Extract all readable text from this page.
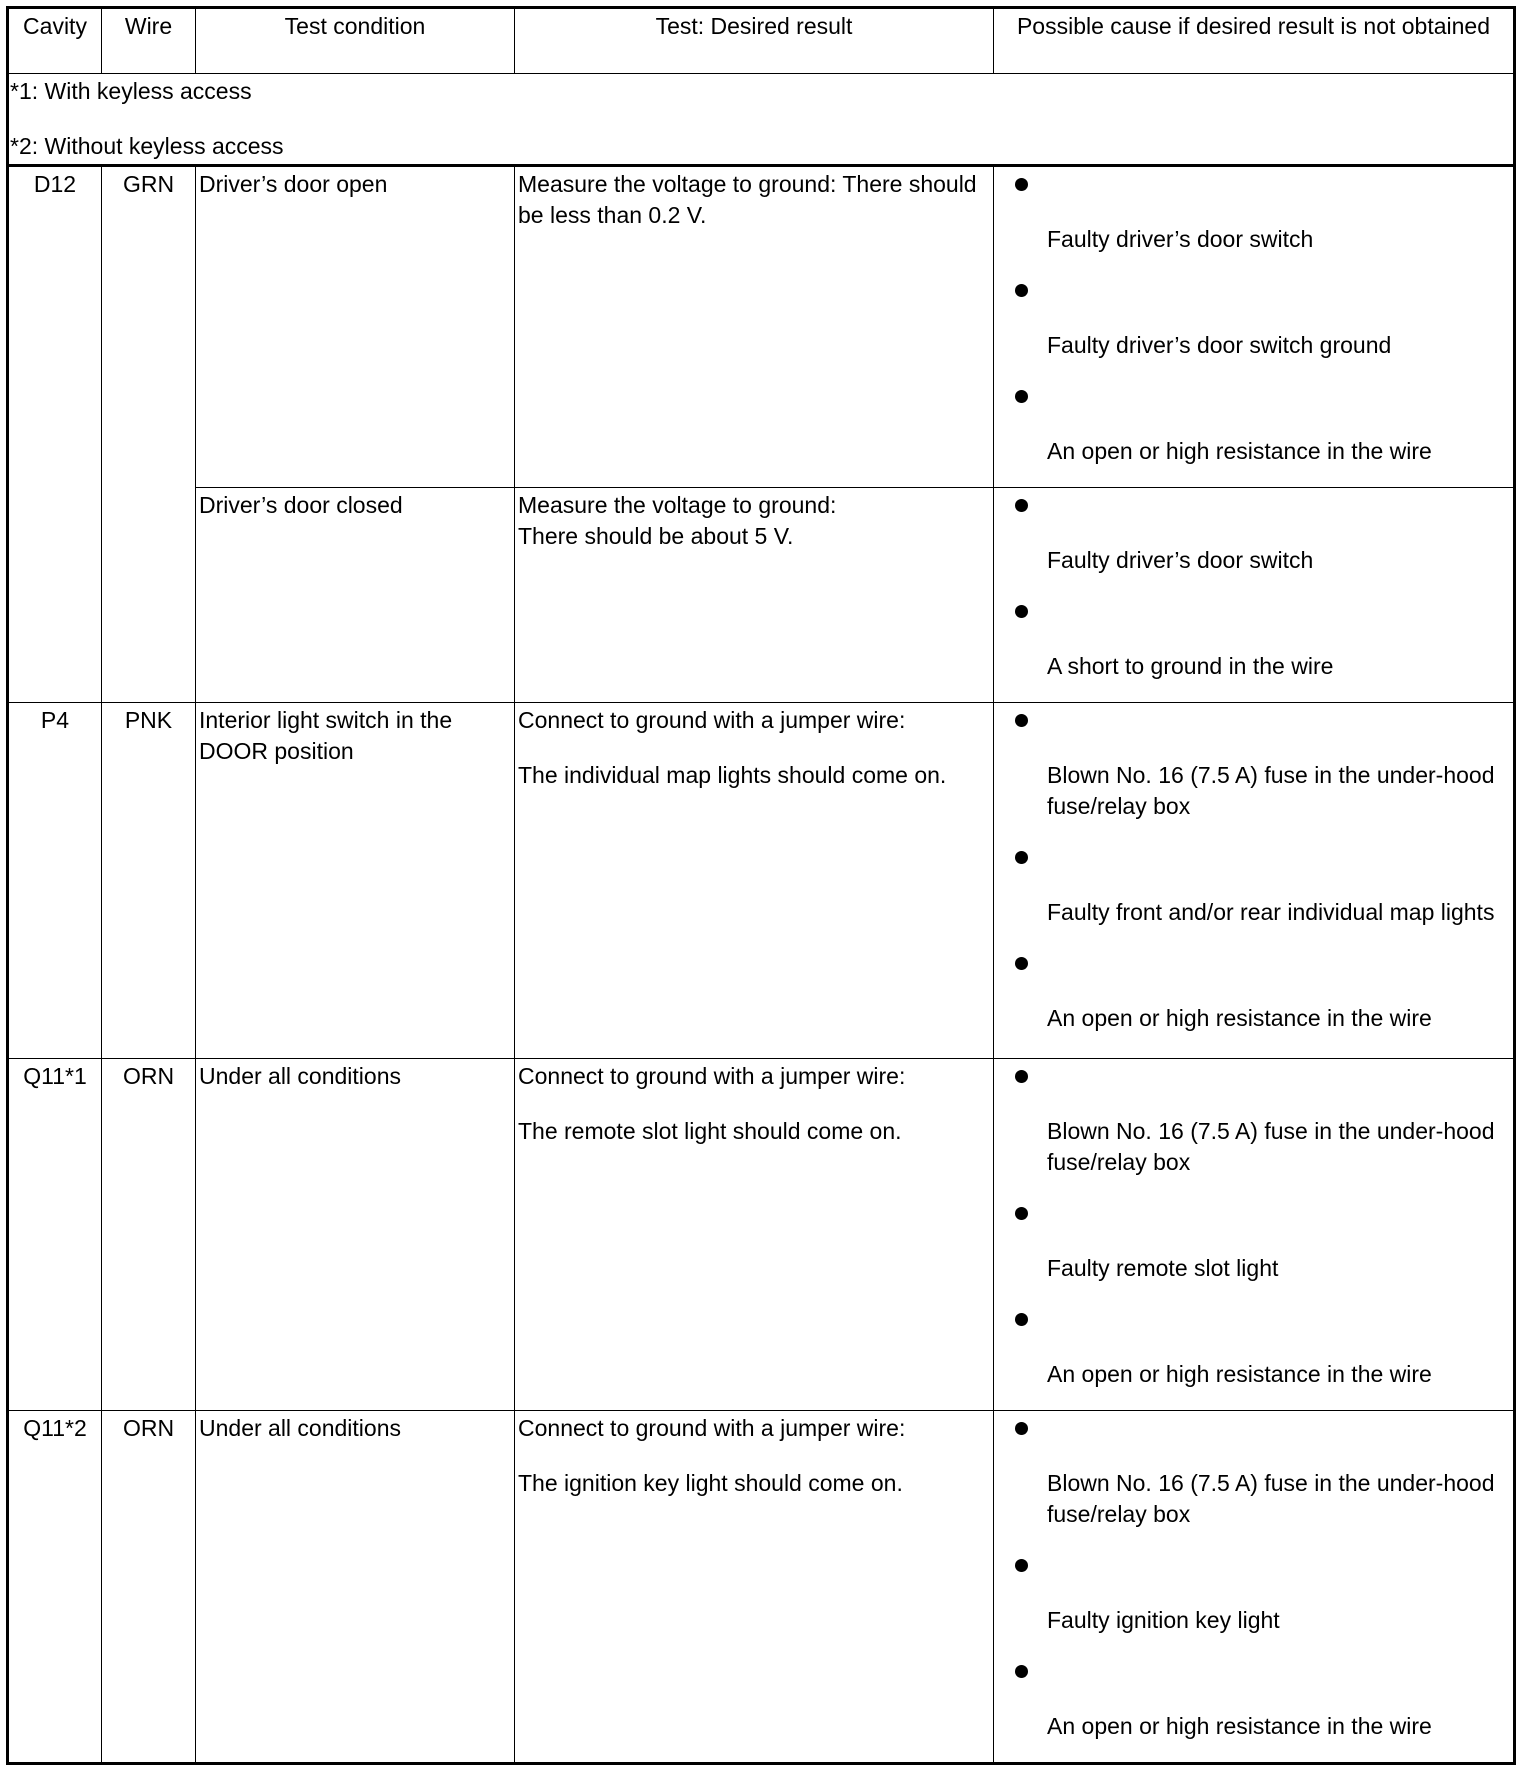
Cavity	Wire	Test condition	Test: Desired result	Possible cause if desired result is not obtained
*1: With keyless access
*2: Without keyless access				

D12	GRN	Driver’s door open	Measure the voltage to ground: There should be less than 0.2 V.	Faulty driver’s door switch
Faulty driver’s door switch ground
An open or high resistance in the wire

		Driver’s door closed	Measure the voltage to ground:
There should be about 5 V.	Faulty driver’s door switch
A short to ground in the wire

P4	PNK	Interior light switch in the DOOR position	Connect to ground with a jumper wire:
The individual map lights should come on.	Blown No. 16 (7.5 A) fuse in the under-hood fuse/relay box
Faulty front and/or rear individual map lights
An open or high resistance in the wire

Q11*1	ORN	Under all conditions	Connect to ground with a jumper wire:
The remote slot light should come on.	Blown No. 16 (7.5 A) fuse in the under-hood fuse/relay box
Faulty remote slot light
An open or high resistance in the wire

Q11*2	ORN	Under all conditions	Connect to ground with a jumper wire:
The ignition key light should come on.	Blown No. 16 (7.5 A) fuse in the under-hood fuse/relay box
Faulty ignition key light
An open or high resistance in the wire
